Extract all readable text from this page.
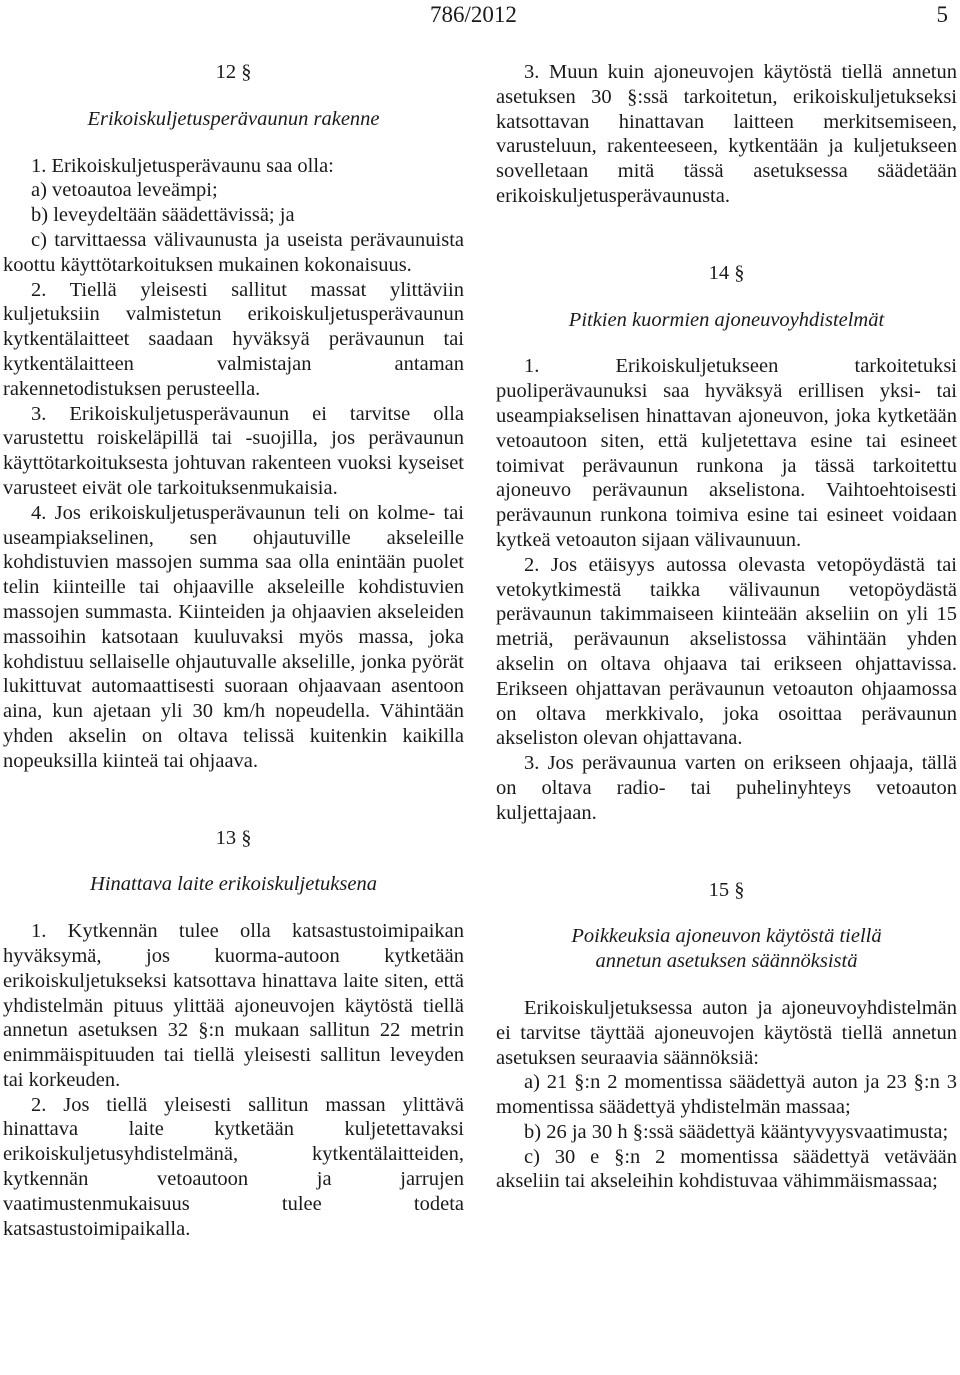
786/2012	5

12 §

Erikoiskuljetusperävaunun rakenne

1. Erikoiskuljetusperävaunu saa olla:

a) vetoautoa leveämpi;

b) leveydeltään säädettävissä; ja

c) tarvittaessa välivaunusta ja useista perävaunuista koottu käyttötarkoituksen mukainen kokonaisuus.

2. Tiellä yleisesti sallitut massat ylittäviin kuljetuksiin valmistetun erikoiskuljetusperävaunun kytkentälaitteet saadaan hyväksyä perävaunun tai kytkentälaitteen valmistajan antaman rakennetodistuksen perusteella.

3. Erikoiskuljetusperävaunun ei tarvitse olla varustettu roiskeläpillä tai -suojilla, jos perävaunun käyttötarkoituksesta johtuvan rakenteen vuoksi kyseiset varusteet eivät ole tarkoituksenmukaisia.

4. Jos erikoiskuljetusperävaunun teli on kolme- tai useampiakselinen, sen ohjautuville akseleille kohdistuvien massojen summa saa olla enintään puolet telin kiinteille tai ohjaaville akseleille kohdistuvien massojen summasta. Kiinteiden ja ohjaavien akseleiden massoihin katsotaan kuuluvaksi myös massa, joka kohdistuu sellaiselle ohjautuvalle akselille, jonka pyörät lukittuvat automaattisesti suoraan ohjaavaan asentoon aina, kun ajetaan yli 30 km/h nopeudella. Vähintään yhden akselin on oltava telissä kuitenkin kaikilla nopeuksilla kiinteä tai ohjaava.

13 §

Hinattava laite erikoiskuljetuksena

1. Kytkennän tulee olla katsastustoimipaikan hyväksymä, jos kuorma-autoon kytketään erikoiskuljetukseksi katsottava hinattava laite siten, että yhdistelmän pituus ylittää ajoneuvojen käytöstä tiellä annetun asetuksen 32 §:n mukaan sallitun 22 metrin enimmäispituuden tai tiellä yleisesti sallitun leveyden tai korkeuden.

2. Jos tiellä yleisesti sallitun massan ylittävä hinattava laite kytketään kuljetettavaksi erikoiskuljetusyhdistelmänä, kytkentälaitteiden, kytkennän vetoautoon ja jarrujen vaatimustenmukaisuus tulee todeta katsastustoimipaikalla.

3. Muun kuin ajoneuvojen käytöstä tiellä annetun asetuksen 30 §:ssä tarkoitetun, erikoiskuljetukseksi katsottavan hinattavan laitteen merkitsemiseen, varusteluun, rakenteeseen, kytkentään ja kuljetukseen sovelletaan mitä tässä asetuksessa säädetään erikoiskuljetusperävaunusta.

14 §

Pitkien kuormien ajoneuvoyhdistelmät

1. Erikoiskuljetukseen tarkoitetuksi puoliperävaunuksi saa hyväksyä erillisen yksi- tai useampiakselisen hinattavan ajoneuvon, joka kytketään vetoautoon siten, että kuljetettava esine tai esineet toimivat perävaunun runkona ja tässä tarkoitettu ajoneuvo perävaunun akselistona. Vaihtoehtoisesti perävaunun runkona toimiva esine tai esineet voidaan kytkeä vetoauton sijaan välivaunuun.

2. Jos etäisyys autossa olevasta vetopöydästä tai vetokytkimestä taikka välivaunun vetopöydästä perävaunun takimmaiseen kiinteään akseliin on yli 15 metriä, perävaunun akselistossa vähintään yhden akselin on oltava ohjaava tai erikseen ohjattavissa. Erikseen ohjattavan perävaunun vetoauton ohjaamossa on oltava merkkivalo, joka osoittaa perävaunun akseliston olevan ohjattavana.

3. Jos perävaunua varten on erikseen ohjaaja, tällä on oltava radio- tai puhelinyhteys vetoauton kuljettajaan.

15 §

Poikkeuksia ajoneuvon käytöstä tiellä

annetun asetuksen säännöksistä

Erikoiskuljetuksessa auton ja ajoneuvoyhdistelmän ei tarvitse täyttää ajoneuvojen käytöstä tiellä annetun asetuksen seuraavia säännöksiä:

a) 21 §:n 2 momentissa säädettyä auton ja 23 §:n 3 momentissa säädettyä yhdistelmän massaa;

b) 26 ja 30 h §:ssä säädettyä kääntyvyysvaatimusta;

c) 30 e §:n 2 momentissa säädettyä vetävään akseliin tai akseleihin kohdistuvaa vähimmäismassaa;
